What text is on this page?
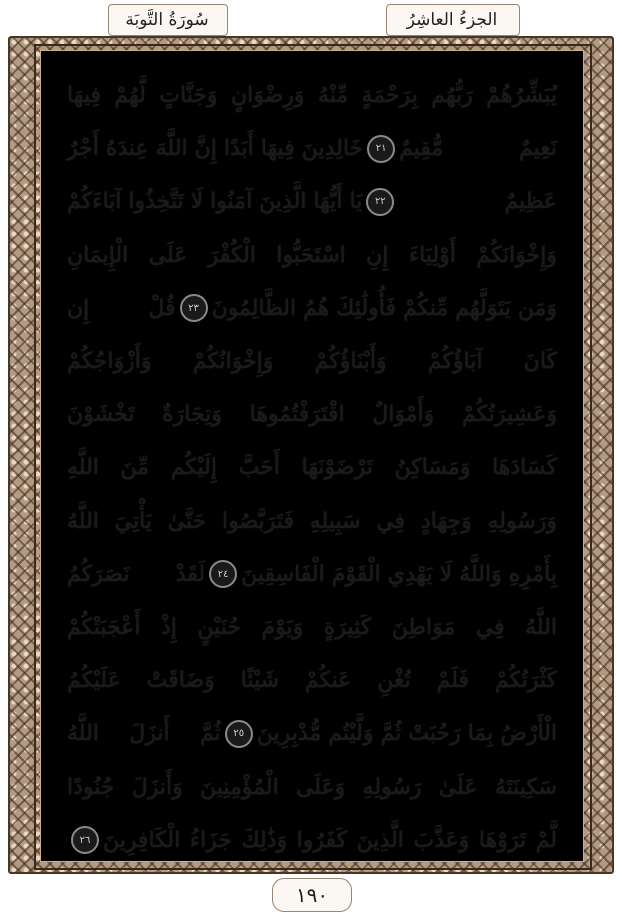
سُورَةُ التَّوبَة	الجزءُ العاشِرُ
يُبَشِّرُهُمْ رَبُّهُم بِرَحْمَةٍ مِّنْهُ وَرِضْوَانٍ وَجَنَّاتٍ لَّهُمْ فِيهَا
نَعِيمٌ مُّقِيمٌ
٢١
خَالِدِينَ فِيهَا أَبَدًا إِنَّ اللَّهَ عِندَهُ أَجْرٌ
عَظِيمٌ
٢٢
يَا أَيُّهَا الَّذِينَ آمَنُوا لَا تَتَّخِذُوا آبَاءَكُمْ
وَإِخْوَانَكُمْ أَوْلِيَاءَ إِنِ اسْتَحَبُّوا الْكُفْرَ عَلَى الْإِيمَانِ
وَمَن يَتَوَلَّهُم مِّنكُمْ فَأُولَٰئِكَ هُمُ الظَّالِمُونَ
٢٣
قُلْ إِن
كَانَ آبَاؤُكُمْ وَأَبْنَاؤُكُمْ وَإِخْوَانُكُمْ وَأَزْوَاجُكُمْ
وَعَشِيرَتُكُمْ وَأَمْوَالٌ اقْتَرَفْتُمُوهَا وَتِجَارَةٌ تَخْشَوْنَ
كَسَادَهَا وَمَسَاكِنُ تَرْضَوْنَهَا أَحَبَّ إِلَيْكُم مِّنَ اللَّهِ
وَرَسُولِهِ وَجِهَادٍ فِي سَبِيلِهِ فَتَرَبَّصُوا حَتَّىٰ يَأْتِيَ اللَّهُ
بِأَمْرِهِ وَاللَّهُ لَا يَهْدِي الْقَوْمَ الْفَاسِقِينَ
٢٤
لَقَدْ نَصَرَكُمُ
اللَّهُ فِي مَوَاطِنَ كَثِيرَةٍ وَيَوْمَ حُنَيْنٍ إِذْ أَعْجَبَتْكُمْ
كَثْرَتُكُمْ فَلَمْ تُغْنِ عَنكُمْ شَيْئًا وَضَاقَتْ عَلَيْكُمُ
الْأَرْضُ بِمَا رَحُبَتْ ثُمَّ وَلَّيْتُم مُّدْبِرِينَ
٢٥
ثُمَّ أَنزَلَ اللَّهُ
سَكِينَتَهُ عَلَىٰ رَسُولِهِ وَعَلَى الْمُؤْمِنِينَ وَأَنزَلَ جُنُودًا
لَّمْ تَرَوْهَا وَعَذَّبَ الَّذِينَ كَفَرُوا وَذَٰلِكَ جَزَاءُ الْكَافِرِينَ
٢٦
١٩٠
